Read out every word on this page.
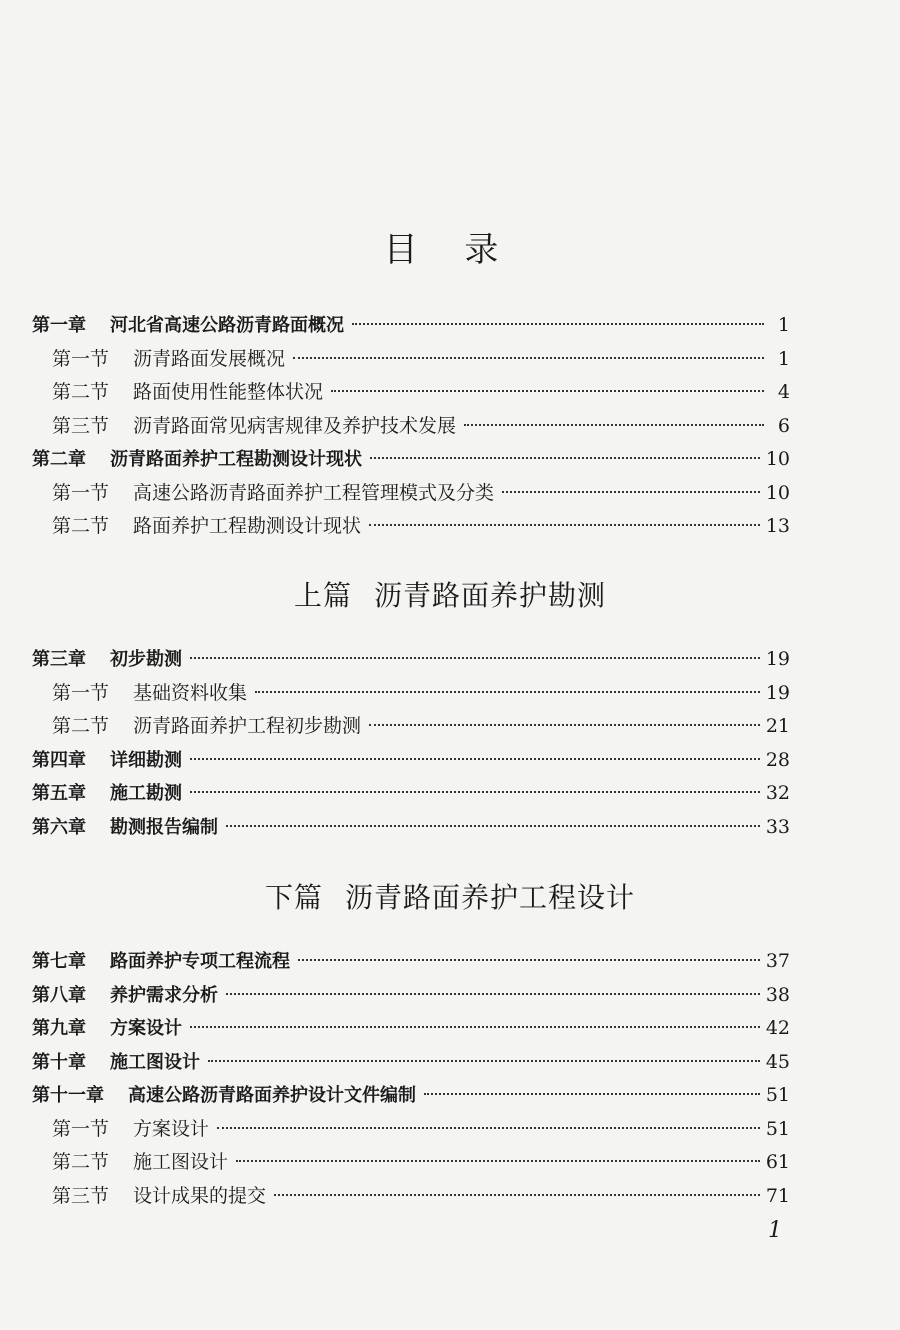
目 录
第一章 河北省高速公路沥青路面概况	1
第一节 沥青路面发展概况	1
第二节 路面使用性能整体状况	4
第三节 沥青路面常见病害规律及养护技术发展	6
第二章 沥青路面养护工程勘测设计现状	10
第一节 高速公路沥青路面养护工程管理模式及分类	10
第二节 路面养护工程勘测设计现状	13
上篇 沥青路面养护勘测
第三章 初步勘测	19
第一节 基础资料收集	19
第二节 沥青路面养护工程初步勘测	21
第四章 详细勘测	28
第五章 施工勘测	32
第六章 勘测报告编制	33
下篇 沥青路面养护工程设计
第七章 路面养护专项工程流程	37
第八章 养护需求分析	38
第九章 方案设计	42
第十章 施工图设计	45
第十一章 高速公路沥青路面养护设计文件编制	51
第一节 方案设计	51
第二节 施工图设计	61
第三节 设计成果的提交	71
1
